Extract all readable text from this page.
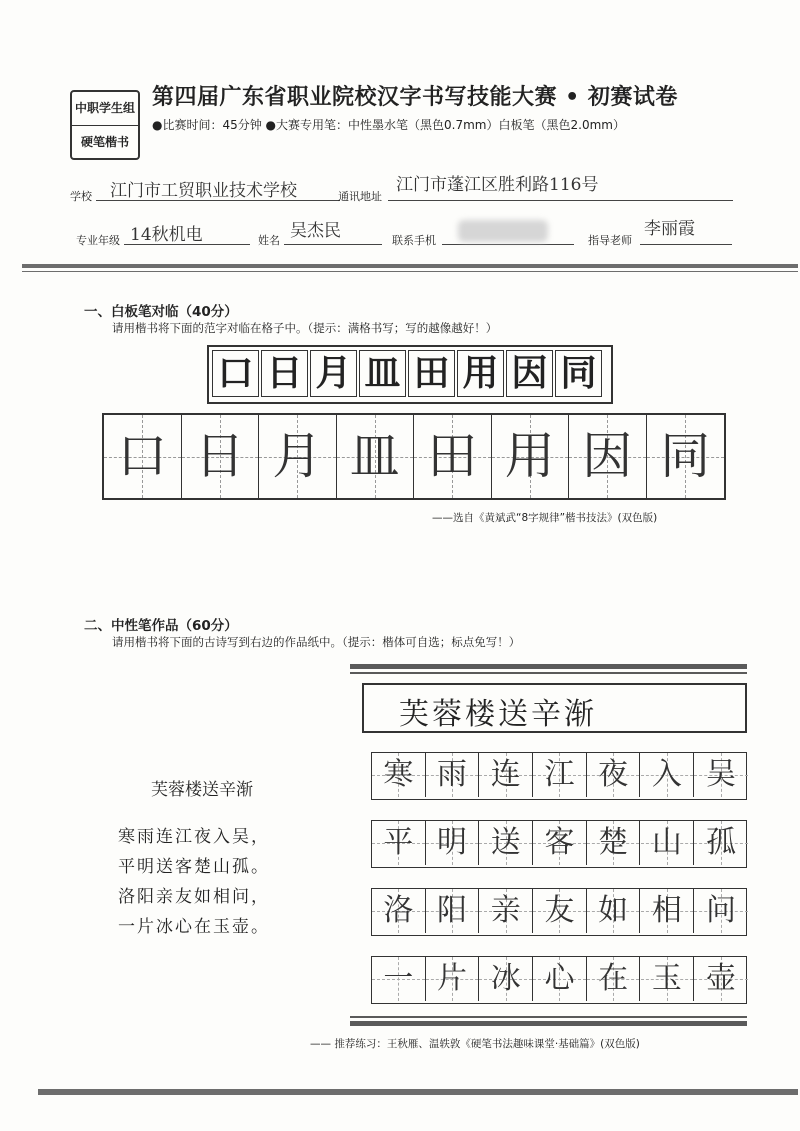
中职学生组
硬笔楷书
第四届广东省职业院校汉字书写技能大赛 • 初赛试卷
●比赛时间：45分钟 ●大赛专用笔：中性墨水笔（黑色0.7mm）白板笔（黑色2.0mm）
学校 江门市工贸职业技术学校	通讯地址
江门市蓬江区胜利路116号
专业年级 14秋机电	姓名 吴杰民	联系手机	指导老师
李丽霞
一、白板笔对临（40分）
请用楷书将下面的范字对临在格子中。（提示：满格书写；写的越像越好！）
口 日 月 皿 田 用 因 同
口 日 月 皿 田 用 因 同
——选自《黄斌武“8字规律”楷书技法》(双色版)
二、中性笔作品（60分）
请用楷书将下面的古诗写到右边的作品纸中。（提示：楷体可自选；标点免写！）
芙蓉楼送辛渐
寒雨连江夜入吴，
平明送客楚山孤。
洛阳亲友如相问，
一片冰心在玉壶。
芙蓉楼送辛渐
寒 雨 连 江 夜 入 吴
平 明 送 客 楚 山 孤
洛 阳 亲 友 如 相 问
一 片 冰 心 在 玉 壶
—— 推荐练习：王秋雁、温轶敦《硬笔书法趣味课堂·基础篇》(双色版)
